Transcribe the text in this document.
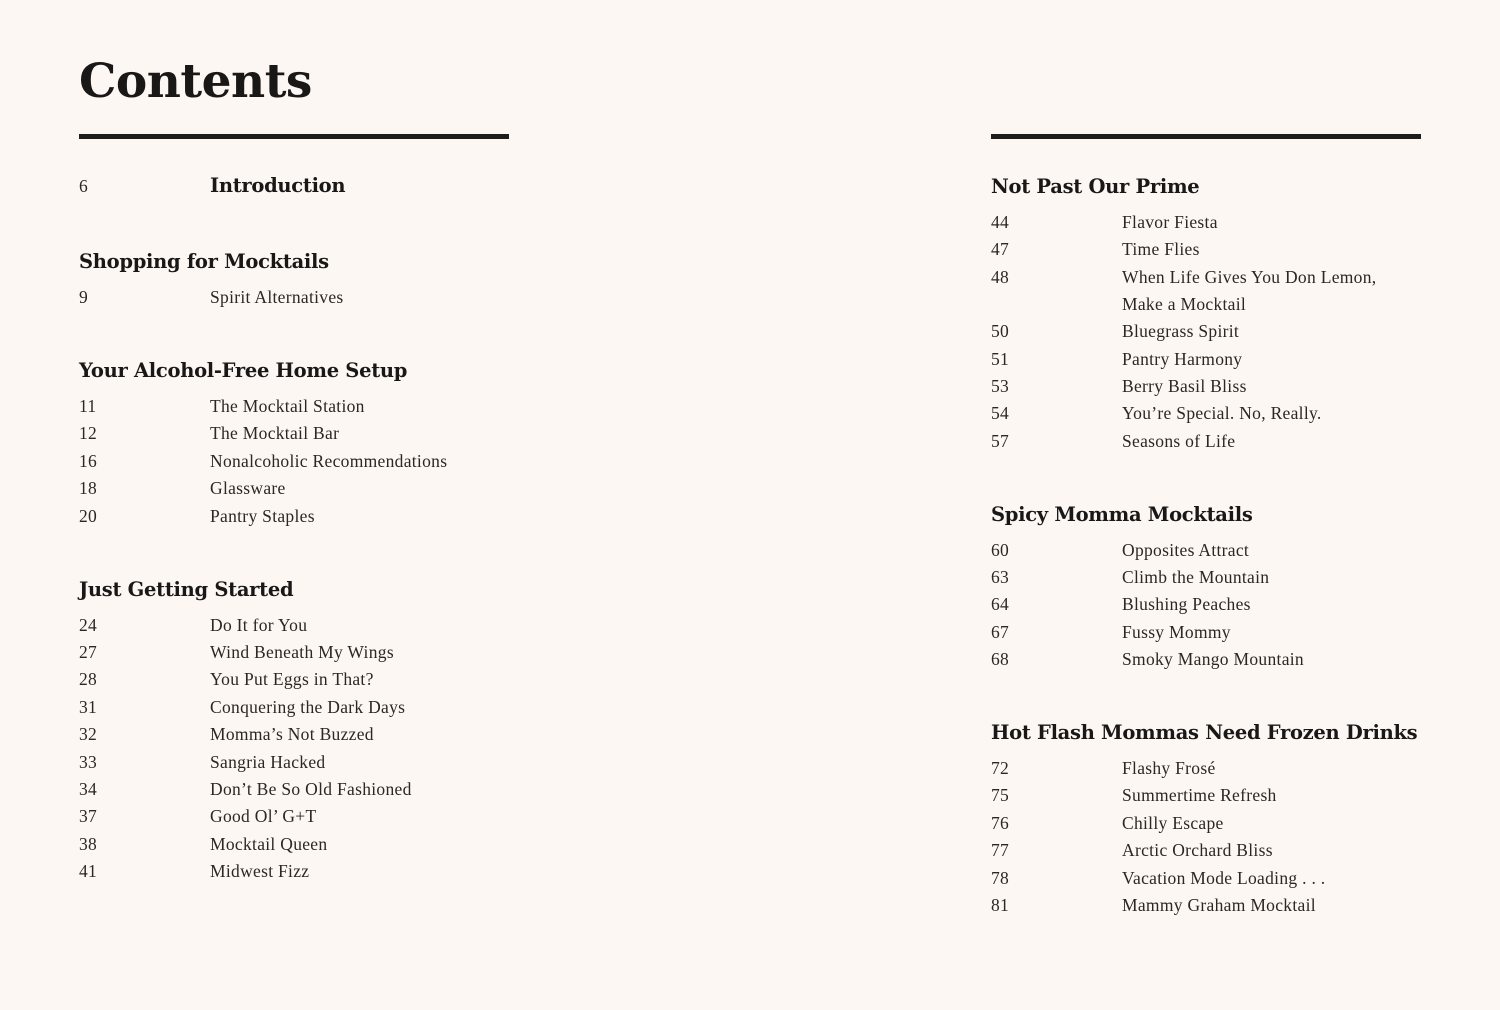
Contents
6	Introduction
Shopping for Mocktails
9	Spirit Alternatives
Your Alcohol-Free Home Setup
11	The Mocktail Station
12	The Mocktail Bar
16	Nonalcoholic Recommendations
18	Glassware
20	Pantry Staples
Just Getting Started
24	Do It for You
27	Wind Beneath My Wings
28	You Put Eggs in That?
31	Conquering the Dark Days
32	Momma’s Not Buzzed
33	Sangria Hacked
34	Don’t Be So Old Fashioned
37	Good Ol’ G+T
38	Mocktail Queen
41	Midwest Fizz
Not Past Our Prime
44	Flavor Fiesta
47	Time Flies
48	When Life Gives You Don Lemon,
Make a Mocktail
50	Bluegrass Spirit
51	Pantry Harmony
53	Berry Basil Bliss
54	You’re Special. No, Really.
57	Seasons of Life
Spicy Momma Mocktails
60	Opposites Attract
63	Climb the Mountain
64	Blushing Peaches
67	Fussy Mommy
68	Smoky Mango Mountain
Hot Flash Mommas Need Frozen Drinks
72	Flashy Frosé
75	Summertime Refresh
76	Chilly Escape
77	Arctic Orchard Bliss
78	Vacation Mode Loading . . .
81	Mammy Graham Mocktail
